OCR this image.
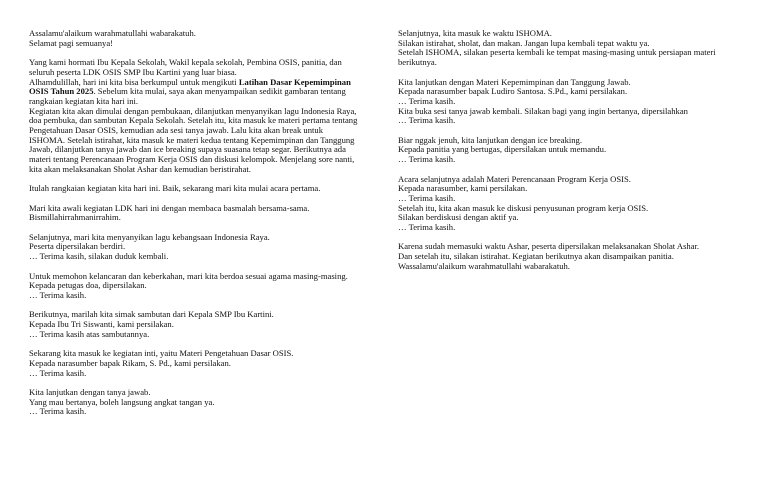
Assalamu'alaikum warahmatullahi wabarakatuh.
Selamat pagi semuanya!
Yang kami hormati Ibu Kepala Sekolah, Wakil kepala sekolah, Pembina OSIS, panitia, dan
seluruh peserta LDK OSIS SMP Ibu Kartini yang luar biasa.
Alhamdulillah, hari ini kita bisa berkumpul untuk mengikuti Latihan Dasar Kepemimpinan
OSIS Tahun 2025. Sebelum kita mulai, saya akan menyampaikan sedikit gambaran tentang
rangkaian kegiatan kita hari ini.
Kegiatan kita akan dimulai dengan pembukaan, dilanjutkan menyanyikan lagu Indonesia Raya,
doa pembuka, dan sambutan Kepala Sekolah. Setelah itu, kita masuk ke materi pertama tentang
Pengetahuan Dasar OSIS, kemudian ada sesi tanya jawab. Lalu kita akan break untuk
ISHOMA. Setelah istirahat, kita masuk ke materi kedua tentang Kepemimpinan dan Tanggung
Jawab, dilanjutkan tanya jawab dan ice breaking supaya suasana tetap segar. Berikutnya ada
materi tentang Perencanaan Program Kerja OSIS dan diskusi kelompok. Menjelang sore nanti,
kita akan melaksanakan Sholat Ashar dan kemudian beristirahat.
Itulah rangkaian kegiatan kita hari ini. Baik, sekarang mari kita mulai acara pertama.
Mari kita awali kegiatan LDK hari ini dengan membaca basmalah bersama-sama.
Bismillahirrahmanirrahim.
Selanjutnya, mari kita menyanyikan lagu kebangsaan Indonesia Raya.
Peserta dipersilakan berdiri.
… Terima kasih, silakan duduk kembali.
Untuk memohon kelancaran dan keberkahan, mari kita berdoa sesuai agama masing-masing.
Kepada petugas doa, dipersilakan.
… Terima kasih.
Berikutnya, marilah kita simak sambutan dari Kepala SMP Ibu Kartini.
Kepada Ibu Tri Siswanti, kami persilakan.
… Terima kasih atas sambutannya.
Sekarang kita masuk ke kegiatan inti, yaitu Materi Pengetahuan Dasar OSIS.
Kepada narasumber bapak Rikam, S. Pd., kami persilakan.
… Terima kasih.
Kita lanjutkan dengan tanya jawab.
Yang mau bertanya, boleh langsung angkat tangan ya.
… Terima kasih.
Selanjutnya, kita masuk ke waktu ISHOMA.
Silakan istirahat, sholat, dan makan. Jangan lupa kembali tepat waktu ya.
Setelah ISHOMA, silakan peserta kembali ke tempat masing-masing untuk persiapan materi
berikutnya.
Kita lanjutkan dengan Materi Kepemimpinan dan Tanggung Jawab.
Kepada narasumber bapak Ludiro Santosa. S.Pd., kami persilakan.
… Terima kasih.
Kita buka sesi tanya jawab kembali. Silakan bagi yang ingin bertanya, dipersilahkan
… Terima kasih.
Biar nggak jenuh, kita lanjutkan dengan ice breaking.
Kepada panitia yang bertugas, dipersilakan untuk memandu.
… Terima kasih.
Acara selanjutnya adalah Materi Perencanaan Program Kerja OSIS.
Kepada narasumber, kami persilakan.
… Terima kasih.
Setelah itu, kita akan masuk ke diskusi penyusunan program kerja OSIS.
Silakan berdiskusi dengan aktif ya.
… Terima kasih.
Karena sudah memasuki waktu Ashar, peserta dipersilakan melaksanakan Sholat Ashar.
Dan setelah itu, silakan istirahat. Kegiatan berikutnya akan disampaikan panitia.
Wassalamu'alaikum warahmatullahi wabarakatuh.
